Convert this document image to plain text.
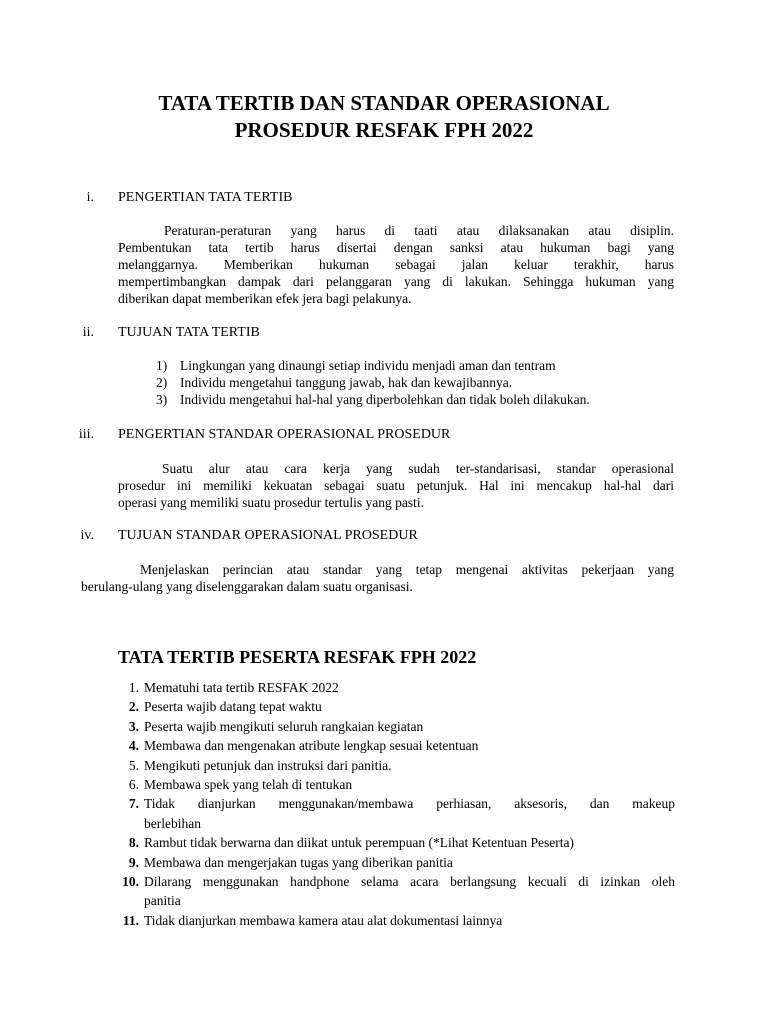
TATA TERTIB DAN STANDAR OPERASIONAL
PROSEDUR RESFAK FPH 2022
i. PENGERTIAN TATA TERTIB
Peraturan-peraturan yang harus di taati atau dilaksanakan atau disiplin.
Pembentukan tata tertib harus disertai dengan sanksi atau hukuman bagi yang
melanggarnya. Memberikan hukuman sebagai jalan keluar terakhir, harus
mempertimbangkan dampak dari pelanggaran yang di lakukan. Sehingga hukuman yang
diberikan dapat memberikan efek jera bagi pelakunya.
ii. TUJUAN TATA TERTIB
1) Lingkungan yang dinaungi setiap individu menjadi aman dan tentram
2) Individu mengetahui tanggung jawab, hak dan kewajibannya.
3) Individu mengetahui hal-hal yang diperbolehkan dan tidak boleh dilakukan.
iii. PENGERTIAN STANDAR OPERASIONAL PROSEDUR
Suatu alur atau cara kerja yang sudah ter-standarisasi, standar operasional
prosedur ini memiliki kekuatan sebagai suatu petunjuk. Hal ini mencakup hal-hal dari
operasi yang memiliki suatu prosedur tertulis yang pasti.
iv. TUJUAN STANDAR OPERASIONAL PROSEDUR
Menjelaskan perincian atau standar yang tetap mengenai aktivitas pekerjaan yang
berulang-ulang yang diselenggarakan dalam suatu organisasi.
TATA TERTIB PESERTA RESFAK FPH 2022
1. Mematuhi tata tertib RESFAK 2022
2. Peserta wajib datang tepat waktu
3. Peserta wajib mengikuti seluruh rangkaian kegiatan
4. Membawa dan mengenakan atribute lengkap sesuai ketentuan
5. Mengikuti petunjuk dan instruksi dari panitia.
6. Membawa spek yang telah di tentukan
7. Tidak dianjurkan menggunakan/membawa perhiasan, aksesoris, dan makeup
berlebihan
8. Rambut tidak berwarna dan diikat untuk perempuan (*Lihat Ketentuan Peserta)
9. Membawa dan mengerjakan tugas yang diberikan panitia
10. Dilarang menggunakan handphone selama acara berlangsung kecuali di izinkan oleh
panitia
11. Tidak dianjurkan membawa kamera atau alat dokumentasi lainnya
